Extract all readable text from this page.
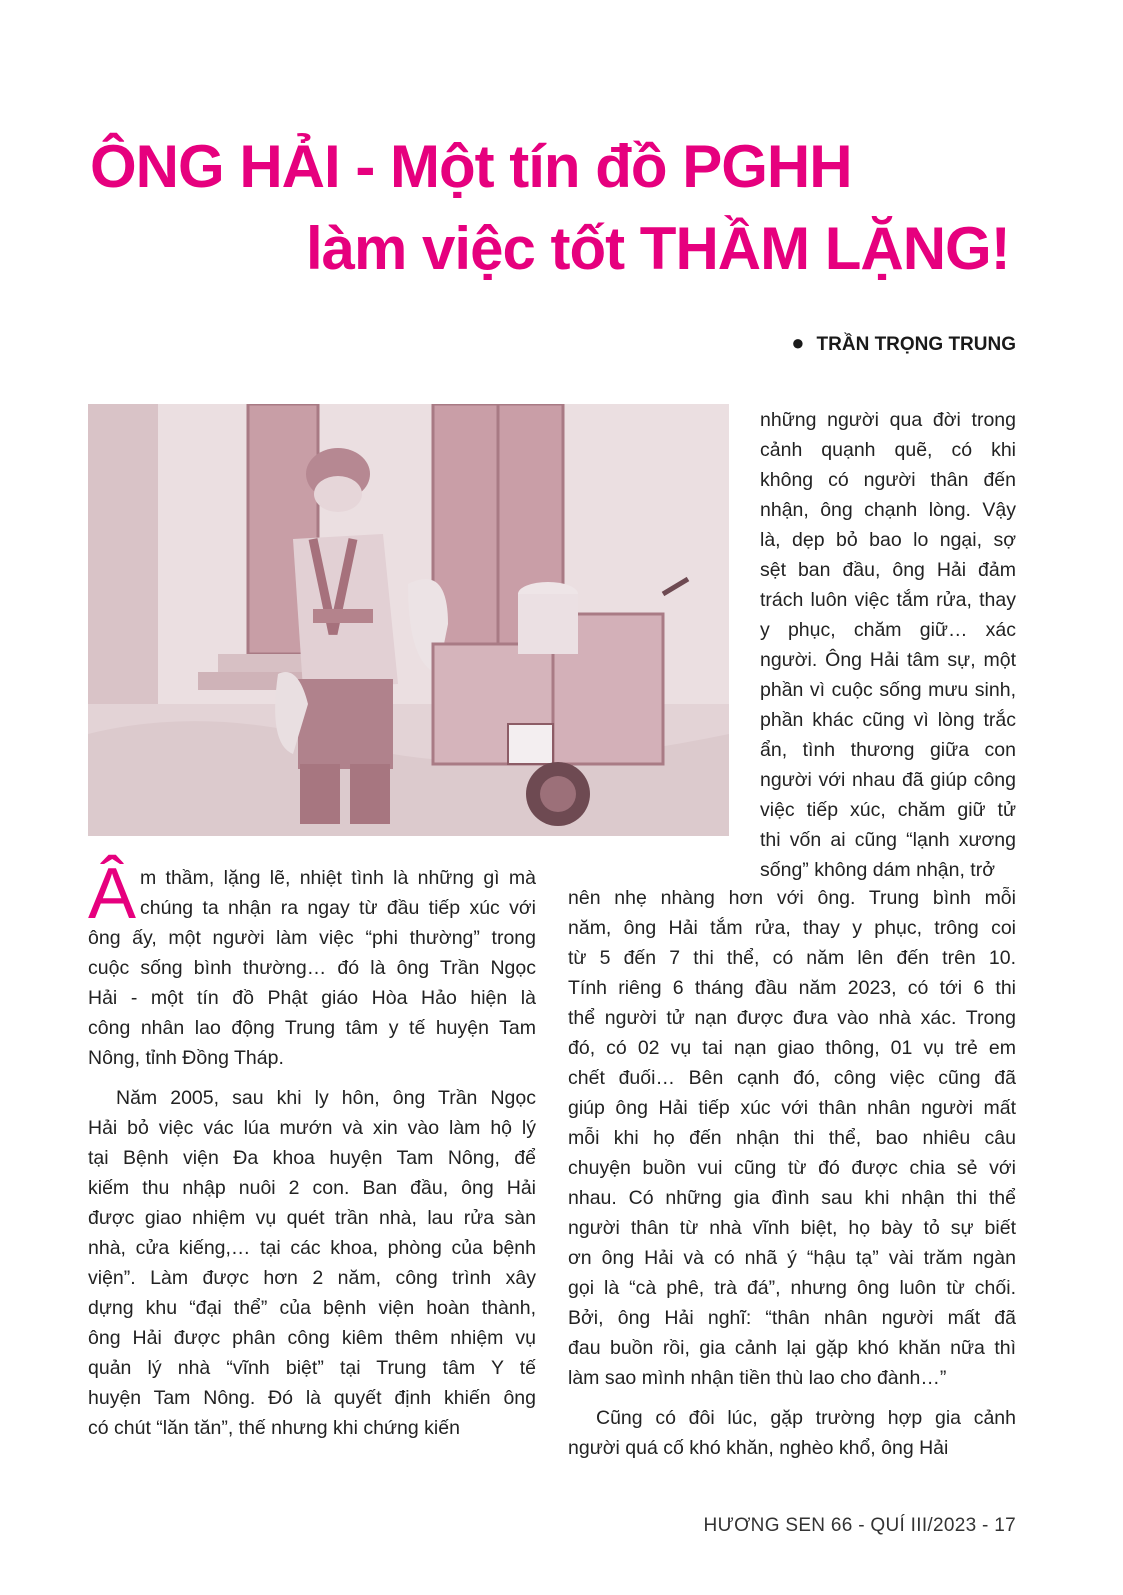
ÔNG HẢI - Một tín đồ PGHH
làm việc tốt THẦM LẶNG!

● TRẦN TRỌNG TRUNG

những người qua đời trong

cảnh quạnh quẽ, có khi

không có người thân đến

nhận, ông chạnh lòng. Vậy

là, dẹp bỏ bao lo ngại, sợ

sệt ban đầu, ông Hải đảm

trách luôn việc tắm rửa, thay

y phục, chăm giữ… xác

người. Ông Hải tâm sự, một

phần vì cuộc sống mưu sinh,

phần khác cũng vì lòng trắc

ẩn, tình thương giữa con

người với nhau đã giúp công

việc tiếp xúc, chăm giữ tử

thi vốn ai cũng “lạnh xương

sống” không dám nhận, trở

Â m thầm, lặng lẽ, nhiệt tình là những gì mà

chúng ta nhận ra ngay từ đầu tiếp xúc với

ông ấy, một người làm việc “phi thường” trong

cuộc sống bình thường… đó là ông Trần Ngọc

Hải - một tín đồ Phật giáo Hòa Hảo hiện là

công nhân lao động Trung tâm y tế huyện Tam

Nông, tỉnh Đồng Tháp.

Năm 2005, sau khi ly hôn, ông Trần Ngọc

Hải bỏ việc vác lúa mướn và xin vào làm hộ lý

tại Bệnh viện Đa khoa huyện Tam Nông, để

kiếm thu nhập nuôi 2 con. Ban đầu, ông Hải

được giao nhiệm vụ quét trần nhà, lau rửa sàn

nhà, cửa kiếng,… tại các khoa, phòng của bệnh

viện”. Làm được hơn 2 năm, công trình xây

dựng khu “đại thể” của bệnh viện hoàn thành,

ông Hải được phân công kiêm thêm nhiệm vụ

quản lý nhà “vĩnh biệt” tại Trung tâm Y tế

huyện Tam Nông. Đó là quyết định khiến ông

có chút “lăn tăn”, thế nhưng khi chứng kiến

nên nhẹ nhàng hơn với ông. Trung bình mỗi

năm, ông Hải tắm rửa, thay y phục, trông coi

từ 5 đến 7 thi thể, có năm lên đến trên 10.

Tính riêng 6 tháng đầu năm 2023, có tới 6 thi

thể người tử nạn được đưa vào nhà xác. Trong

đó, có 02 vụ tai nạn giao thông, 01 vụ trẻ em

chết đuối… Bên cạnh đó, công việc cũng đã

giúp ông Hải tiếp xúc với thân nhân người mất

mỗi khi họ đến nhận thi thể, bao nhiêu câu

chuyện buồn vui cũng từ đó được chia sẻ với

nhau. Có những gia đình sau khi nhận thi thể

người thân từ nhà vĩnh biệt, họ bày tỏ sự biết

ơn ông Hải và có nhã ý “hậu tạ” vài trăm ngàn

gọi là “cà phê, trà đá”, nhưng ông luôn từ chối.

Bởi, ông Hải nghĩ: “thân nhân người mất đã

đau buồn rồi, gia cảnh lại gặp khó khăn nữa thì

làm sao mình nhận tiền thù lao cho đành…”

Cũng có đôi lúc, gặp trường hợp gia cảnh

người quá cố khó khăn, nghèo khổ, ông Hải

HƯƠNG SEN 66 - QUÍ III/2023 - 17
